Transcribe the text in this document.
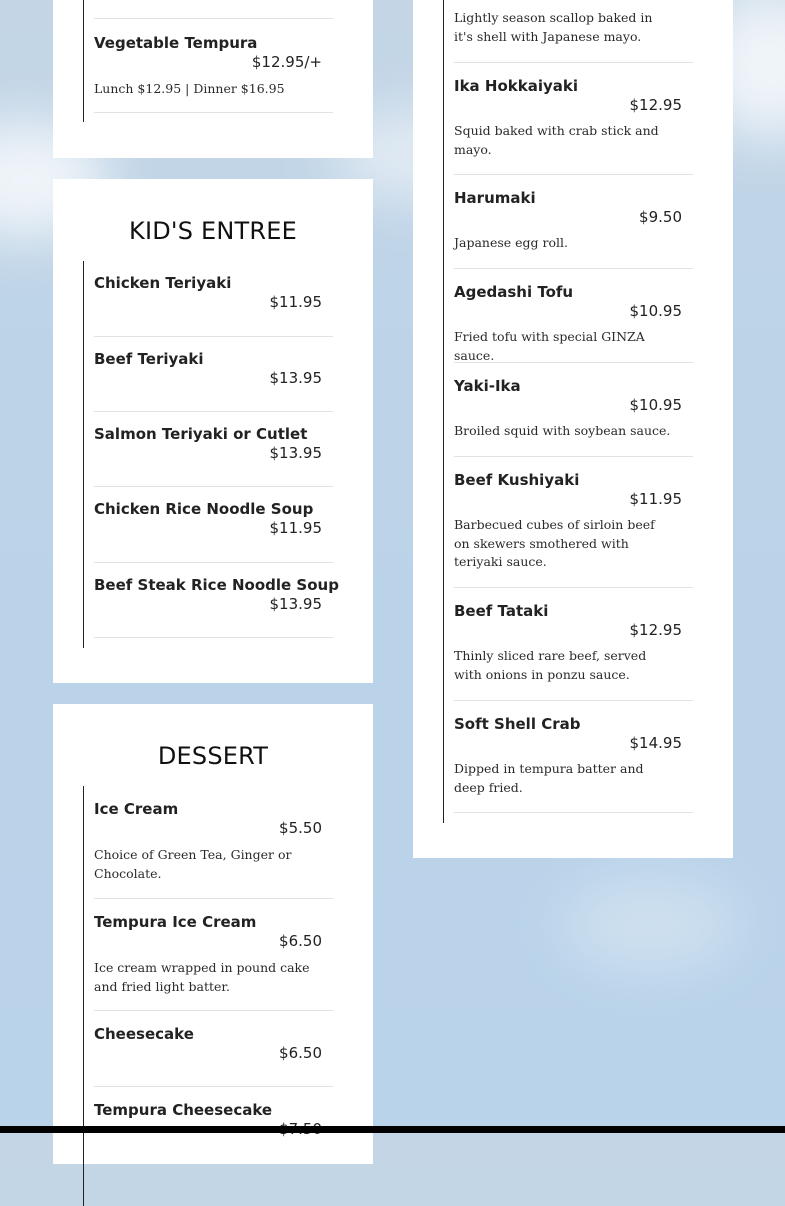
Vegetable Tempura
$12.95/+

Lunch $12.95 | Dinner $16.95

KID'S ENTREE
Chicken Teriyaki
$11.95
Beef Teriyaki
$13.95
Salmon Teriyaki or Cutlet
$13.95
Chicken Rice Noodle Soup
$11.95
Beef Steak Rice Noodle Soup
$13.95
DESSERT
Ice Cream
$5.50

Choice of Green Tea, Ginger or Chocolate.

Tempura Ice Cream
$6.50

Ice cream wrapped in pound cake and fried light batter.

Cheesecake
$6.50
Tempura Cheesecake

Lightly season scallop baked in it's shell with Japanese mayo.

Ika Hokkaiyaki
$12.95

Squid baked with crab stick and mayo.

Harumaki
$9.50

Japanese egg roll.

Agedashi Tofu
$10.95

Fried tofu with special GINZA sauce.

Yaki-Ika
$10.95

Broiled squid with soybean sauce.

Beef Kushiyaki
$11.95

Barbecued cubes of sirloin beef on skewers smothered with teriyaki sauce.

Beef Tataki
$12.95

Thinly sliced rare beef, served with onions in ponzu sauce.

Soft Shell Crab
$14.95

Dipped in tempura batter and deep fried.
